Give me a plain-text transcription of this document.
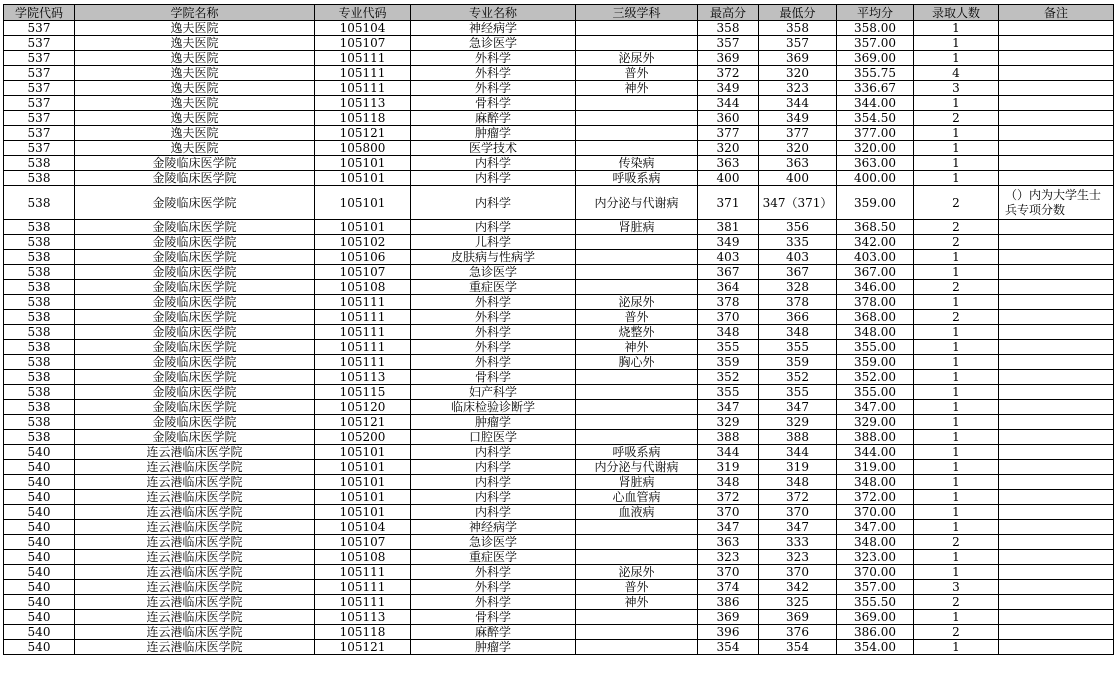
学院代码	学院名称	专业代码	专业名称	三级学科	最高分	最低分	平均分	录取人数	备注
537	逸夫医院	105104	神经病学		358	358	358.00	1	
537	逸夫医院	105107	急诊医学		357	357	357.00	1	
537	逸夫医院	105111	外科学	泌尿外	369	369	369.00	1	
537	逸夫医院	105111	外科学	普外	372	320	355.75	4	
537	逸夫医院	105111	外科学	神外	349	323	336.67	3	
537	逸夫医院	105113	骨科学		344	344	344.00	1	
537	逸夫医院	105118	麻醉学		360	349	354.50	2	
537	逸夫医院	105121	肿瘤学		377	377	377.00	1	
537	逸夫医院	105800	医学技术		320	320	320.00	1	
538	金陵临床医学院	105101	内科学	传染病	363	363	363.00	1	
538	金陵临床医学院	105101	内科学	呼吸系病	400	400	400.00	1	
538	金陵临床医学院	105101	内科学	内分泌与代谢病	371	347（371）	359.00	2	（）内为大学生士兵专项分数
538	金陵临床医学院	105101	内科学	肾脏病	381	356	368.50	2	
538	金陵临床医学院	105102	儿科学		349	335	342.00	2	
538	金陵临床医学院	105106	皮肤病与性病学		403	403	403.00	1	
538	金陵临床医学院	105107	急诊医学		367	367	367.00	1	
538	金陵临床医学院	105108	重症医学		364	328	346.00	2	
538	金陵临床医学院	105111	外科学	泌尿外	378	378	378.00	1	
538	金陵临床医学院	105111	外科学	普外	370	366	368.00	2	
538	金陵临床医学院	105111	外科学	烧整外	348	348	348.00	1	
538	金陵临床医学院	105111	外科学	神外	355	355	355.00	1	
538	金陵临床医学院	105111	外科学	胸心外	359	359	359.00	1	
538	金陵临床医学院	105113	骨科学		352	352	352.00	1	
538	金陵临床医学院	105115	妇产科学		355	355	355.00	1	
538	金陵临床医学院	105120	临床检验诊断学		347	347	347.00	1	
538	金陵临床医学院	105121	肿瘤学		329	329	329.00	1	
538	金陵临床医学院	105200	口腔医学		388	388	388.00	1	
540	连云港临床医学院	105101	内科学	呼吸系病	344	344	344.00	1	
540	连云港临床医学院	105101	内科学	内分泌与代谢病	319	319	319.00	1	
540	连云港临床医学院	105101	内科学	肾脏病	348	348	348.00	1	
540	连云港临床医学院	105101	内科学	心血管病	372	372	372.00	1	
540	连云港临床医学院	105101	内科学	血液病	370	370	370.00	1	
540	连云港临床医学院	105104	神经病学		347	347	347.00	1	
540	连云港临床医学院	105107	急诊医学		363	333	348.00	2	
540	连云港临床医学院	105108	重症医学		323	323	323.00	1	
540	连云港临床医学院	105111	外科学	泌尿外	370	370	370.00	1	
540	连云港临床医学院	105111	外科学	普外	374	342	357.00	3	
540	连云港临床医学院	105111	外科学	神外	386	325	355.50	2	
540	连云港临床医学院	105113	骨科学		369	369	369.00	1	
540	连云港临床医学院	105118	麻醉学		396	376	386.00	2	
540	连云港临床医学院	105121	肿瘤学		354	354	354.00	1	
